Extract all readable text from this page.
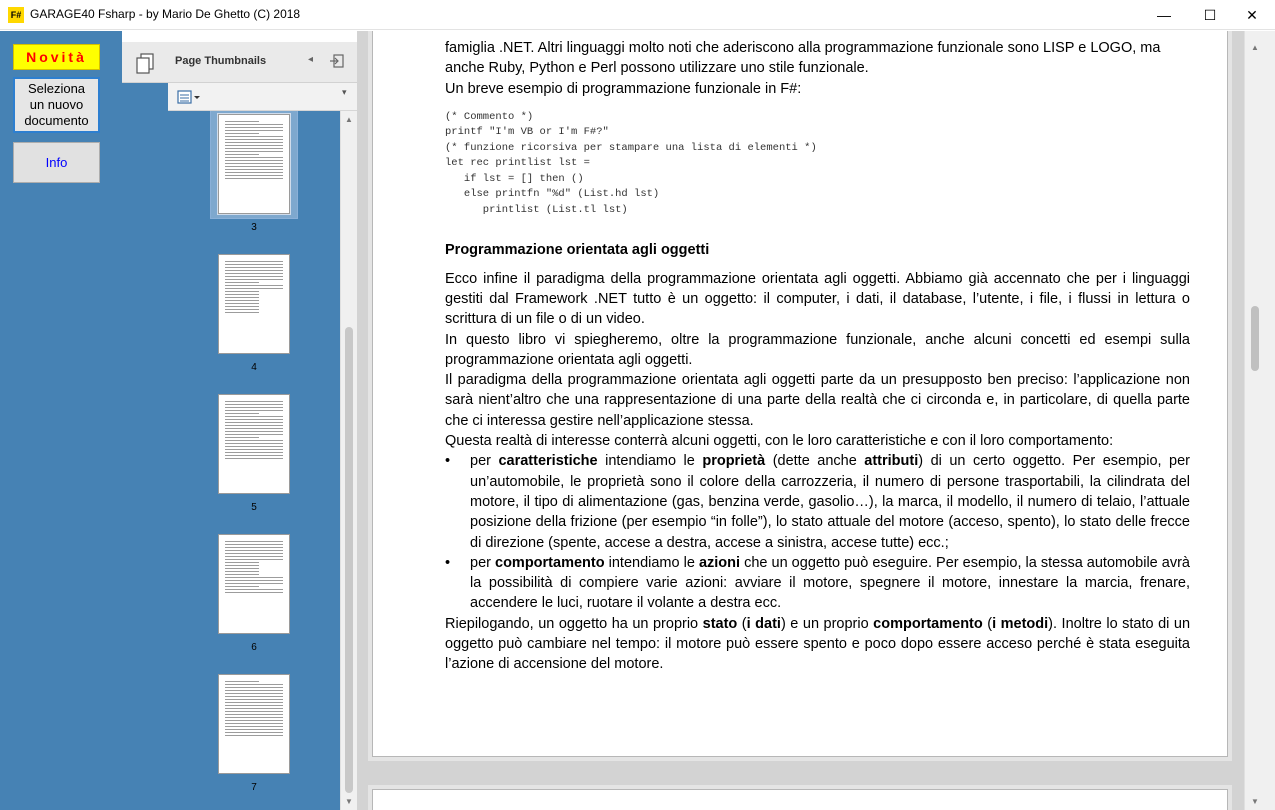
F# GARAGE40 Fsharp - by Mario De Ghetto (C) 2018	—	☐	✕
Novità
Seleziona
un nuovo
documento
Info
Page Thumbnails	◂
▾
3
4
5
6
7
▲
▼

famiglia .NET. Altri linguaggi molto noti che aderiscono alla programmazione funzionale sono LISP e LOGO, ma

anche Ruby, Python e Perl possono utilizzare uno stile funzionale.

Un breve esempio di programmazione funzionale in F#:

(* Commento *)
printf "I'm VB or I'm F#?"
(* funzione ricorsiva per stampare una lista di elementi *)
let rec printlist lst =
if lst = [] then ()
else printfn "%d" (List.hd lst)
printlist (List.tl lst)

Programmazione orientata agli oggetti

Ecco infine il paradigma della programmazione orientata agli oggetti. Abbiamo già accennato che per i linguaggi gestiti dal Framework .NET tutto è un oggetto: il computer, i dati, il database, l’utente, i file, i flussi in lettura o scrittura di un file o di un video.

In questo libro vi spiegheremo, oltre la programmazione funzionale, anche alcuni concetti ed esempi sulla programmazione orientata agli oggetti.

Il paradigma della programmazione orientata agli oggetti parte da un presupposto ben preciso: l’applicazione non sarà nient’altro che una rappresentazione di una parte della realtà che ci circonda e, in particolare, di quella parte che ci interessa gestire nell’applicazione stessa.

Questa realtà di interesse conterrà alcuni oggetti, con le loro caratteristiche e con il loro comportamento:

• per caratteristiche intendiamo le proprietà (dette anche attributi) di un certo oggetto. Per esempio, per un’automobile, le proprietà sono il colore della carrozzeria, il numero di persone trasportabili, la cilindrata del motore, il tipo di alimentazione (gas, benzina verde, gasolio…), la marca, il modello, il numero di telaio, l’attuale posizione della frizione (per esempio “in folle”), lo stato attuale del motore (acceso, spento), lo stato delle frecce di direzione (spente, accese a destra, accese a sinistra, accese tutte) ecc.;

• per comportamento intendiamo le azioni che un oggetto può eseguire. Per esempio, la stessa automobile avrà la possibilità di compiere varie azioni: avviare il motore, spegnere il motore, innestare la marcia, frenare, accendere le luci, ruotare il volante a destra ecc.

Riepilogando, un oggetto ha un proprio stato (i dati) e un proprio comportamento (i metodi). Inoltre lo stato di un oggetto può cambiare nel tempo: il motore può essere spento e poco dopo essere acceso perché è stata eseguita l’azione di accensione del motore.

▲
▼
